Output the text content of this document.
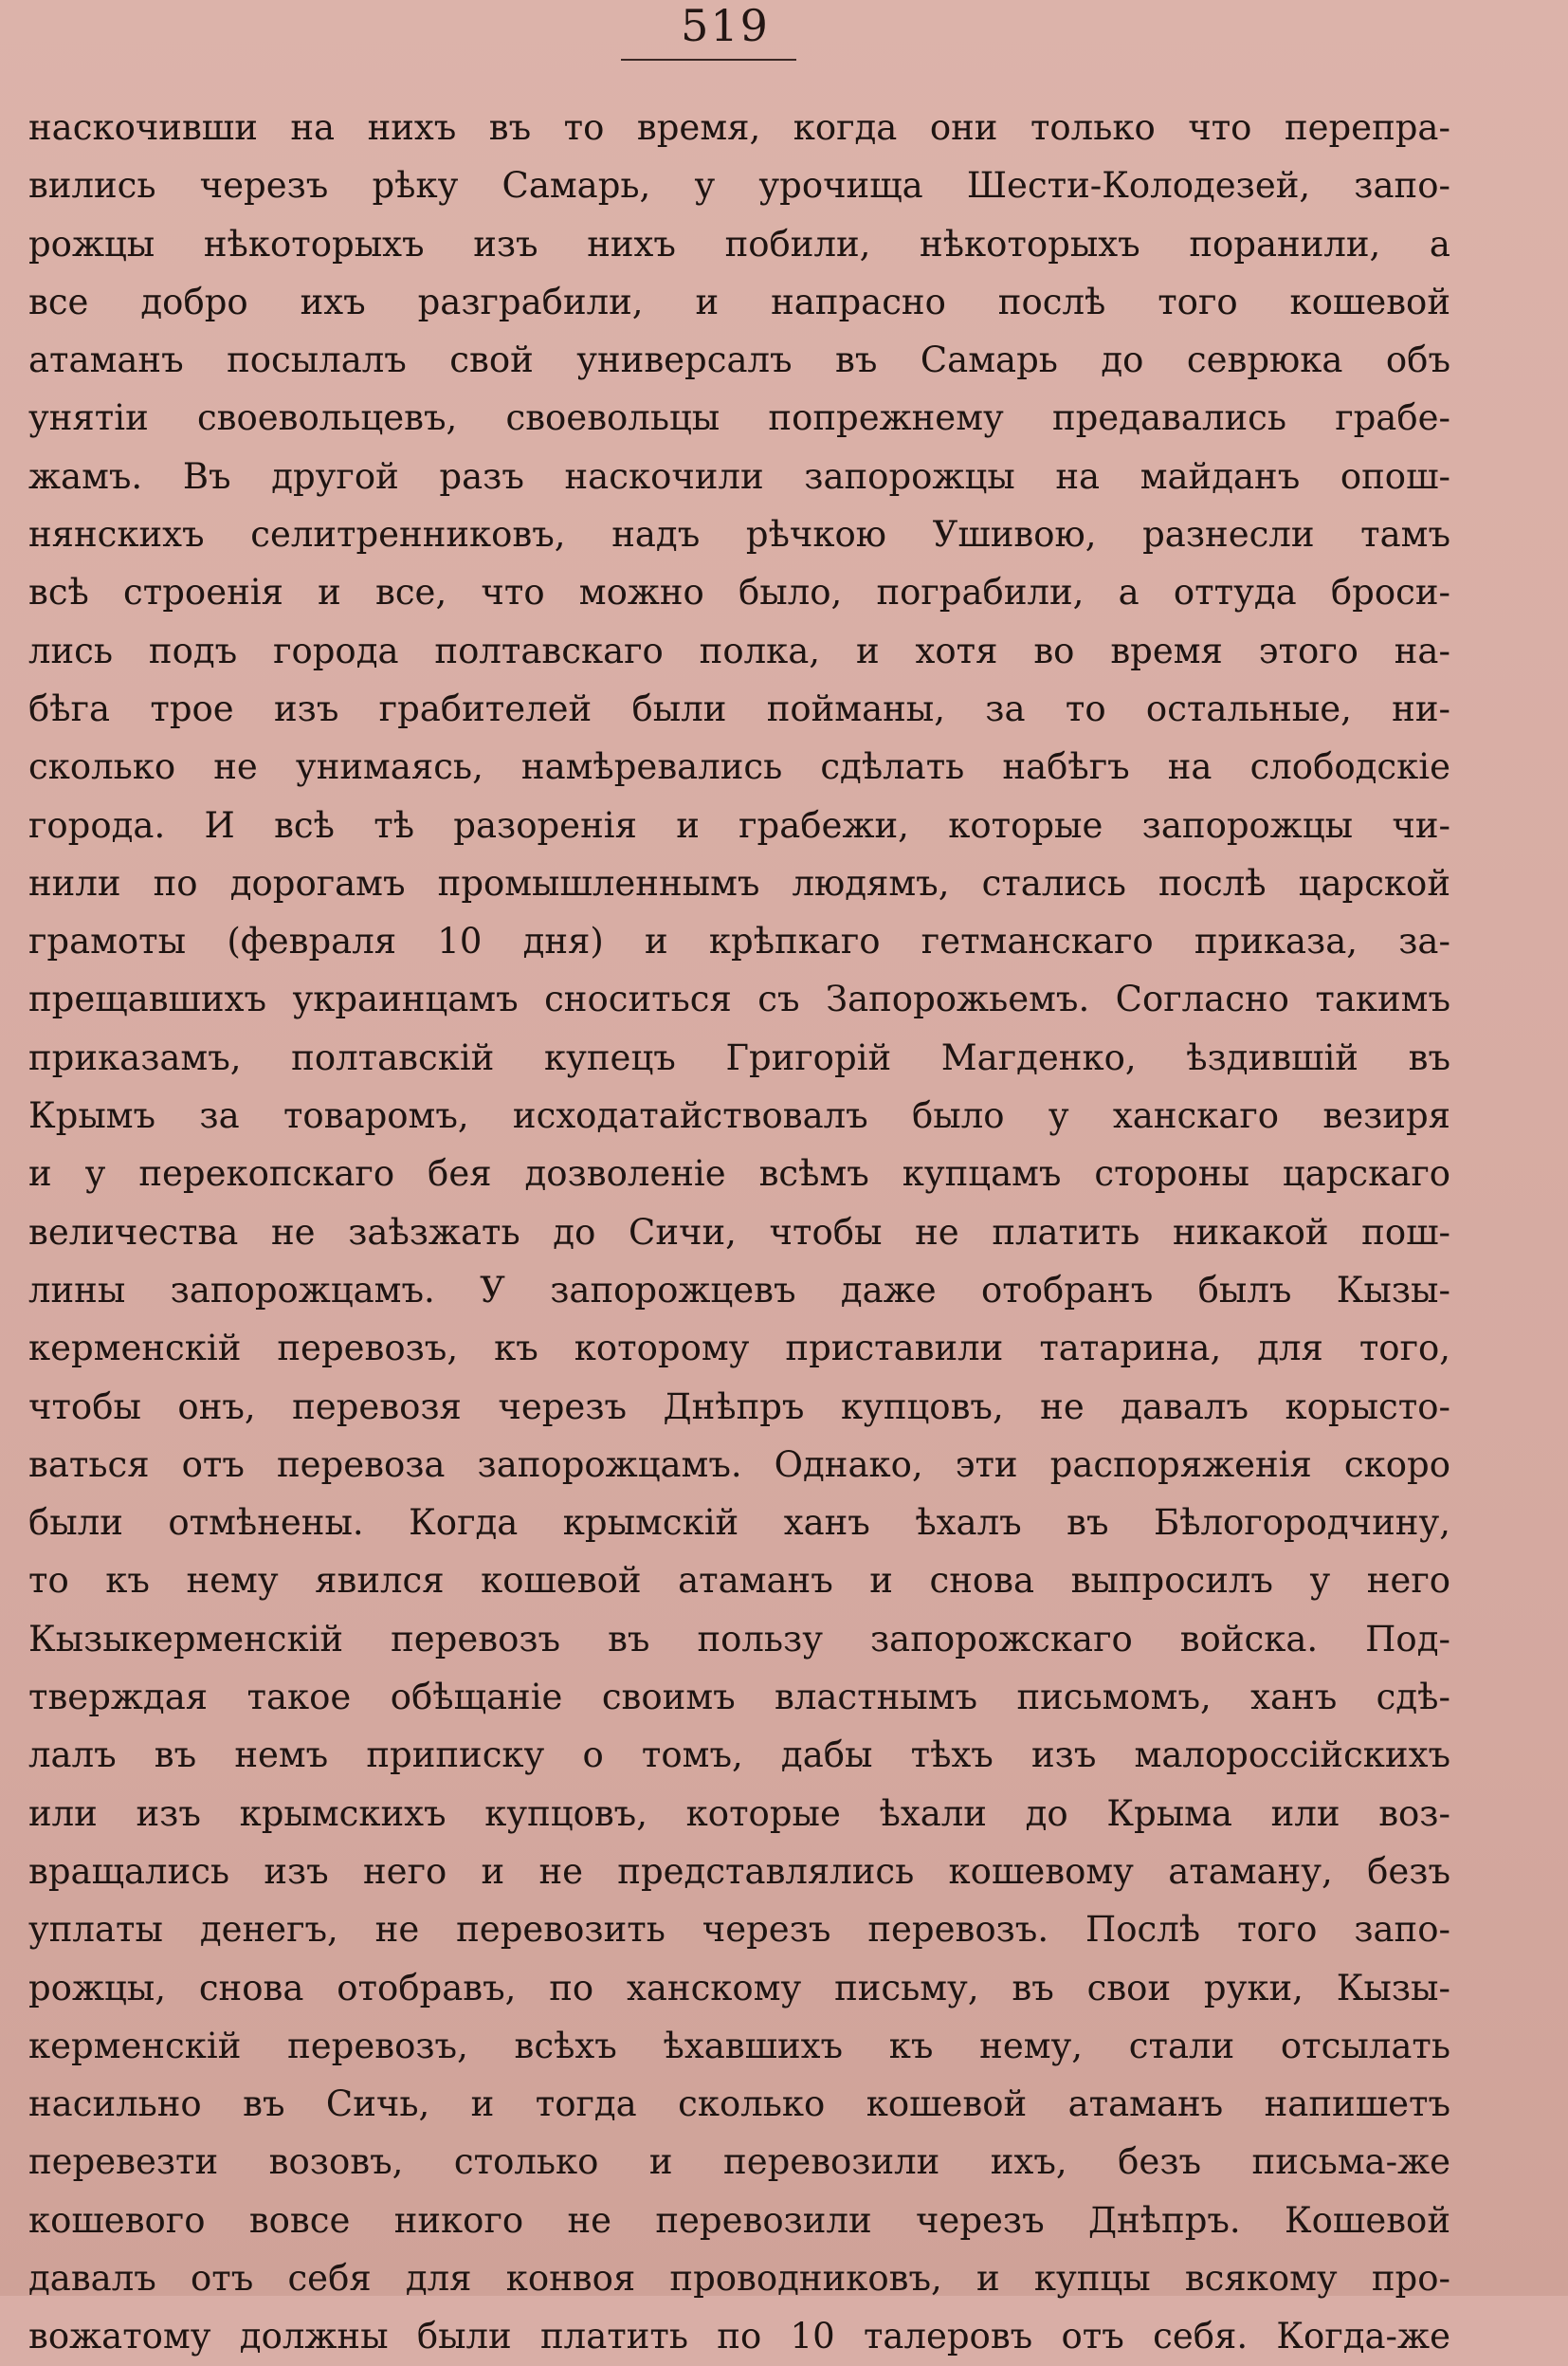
519
наскочивши на нихъ въ то время, когда они только что перепра-
вились черезъ рѣку Самарь, у урочища Шести-Колодезей, запо-
рожцы нѣкоторыхъ изъ нихъ побили, нѣкоторыхъ поранили, а
все добро ихъ разграбили, и напрасно послѣ того кошевой
атаманъ посылалъ свой универсалъ въ Самарь до севрюка объ
унятіи своевольцевъ, своевольцы попрежнему предавались грабе-
жамъ. Въ другой разъ наскочили запорожцы на майданъ опош-
нянскихъ селитренниковъ, надъ рѣчкою Ушивою, разнесли тамъ
всѣ строенія и все, что можно было, пограбили, а оттуда броси-
лись подъ города полтавскаго полка, и хотя во время этого на-
бѣга трое изъ грабителей были пойманы, за то остальные, ни-
сколько не унимаясь, намѣревались сдѣлать набѣгъ на слободскіе
города. И всѣ тѣ разоренія и грабежи, которые запорожцы чи-
нили по дорогамъ промышленнымъ людямъ, стались послѣ царской
грамоты (февраля 10 дня) и крѣпкаго гетманскаго приказа, за-
прещавшихъ украинцамъ сноситься съ Запорожьемъ. Согласно такимъ
приказамъ, полтавскій купецъ Григорій Магденко, ѣздившій въ
Крымъ за товаромъ, исходатайствовалъ было у ханскаго везиря
и у перекопскаго бея дозволеніе всѣмъ купцамъ стороны царскаго
величества не заѣзжать до Сичи, чтобы не платить никакой пош-
лины запорожцамъ. У запорожцевъ даже отобранъ былъ Кызы-
керменскій перевозъ, къ которому приставили татарина, для того,
чтобы онъ, перевозя черезъ Днѣпръ купцовъ, не давалъ корысто-
ваться отъ перевоза запорожцамъ. Однако, эти распоряженія скоро
были отмѣнены. Когда крымскій ханъ ѣхалъ въ Бѣлогородчину,
то къ нему явился кошевой атаманъ и снова выпросилъ у него
Кызыкерменскій перевозъ въ пользу запорожскаго войска. Под-
тверждая такое обѣщаніе своимъ властнымъ письмомъ, ханъ сдѣ-
лалъ въ немъ приписку о томъ, дабы тѣхъ изъ малороссійскихъ
или изъ крымскихъ купцовъ, которые ѣхали до Крыма или воз-
вращались изъ него и не представлялись кошевому атаману, безъ
уплаты денегъ, не перевозить черезъ перевозъ. Послѣ того запо-
рожцы, снова отобравъ, по ханскому письму, въ свои руки, Кызы-
керменскій перевозъ, всѣхъ ѣхавшихъ къ нему, стали отсылать
насильно въ Сичь, и тогда сколько кошевой атаманъ напишетъ
перевезти возовъ, столько и перевозили ихъ, безъ письма-же
кошевого вовсе никого не перевозили черезъ Днѣпръ. Кошевой
давалъ отъ себя для конвоя проводниковъ, и купцы всякому про-
вожатому должны были платить по 10 талеровъ отъ себя. Когда-же
